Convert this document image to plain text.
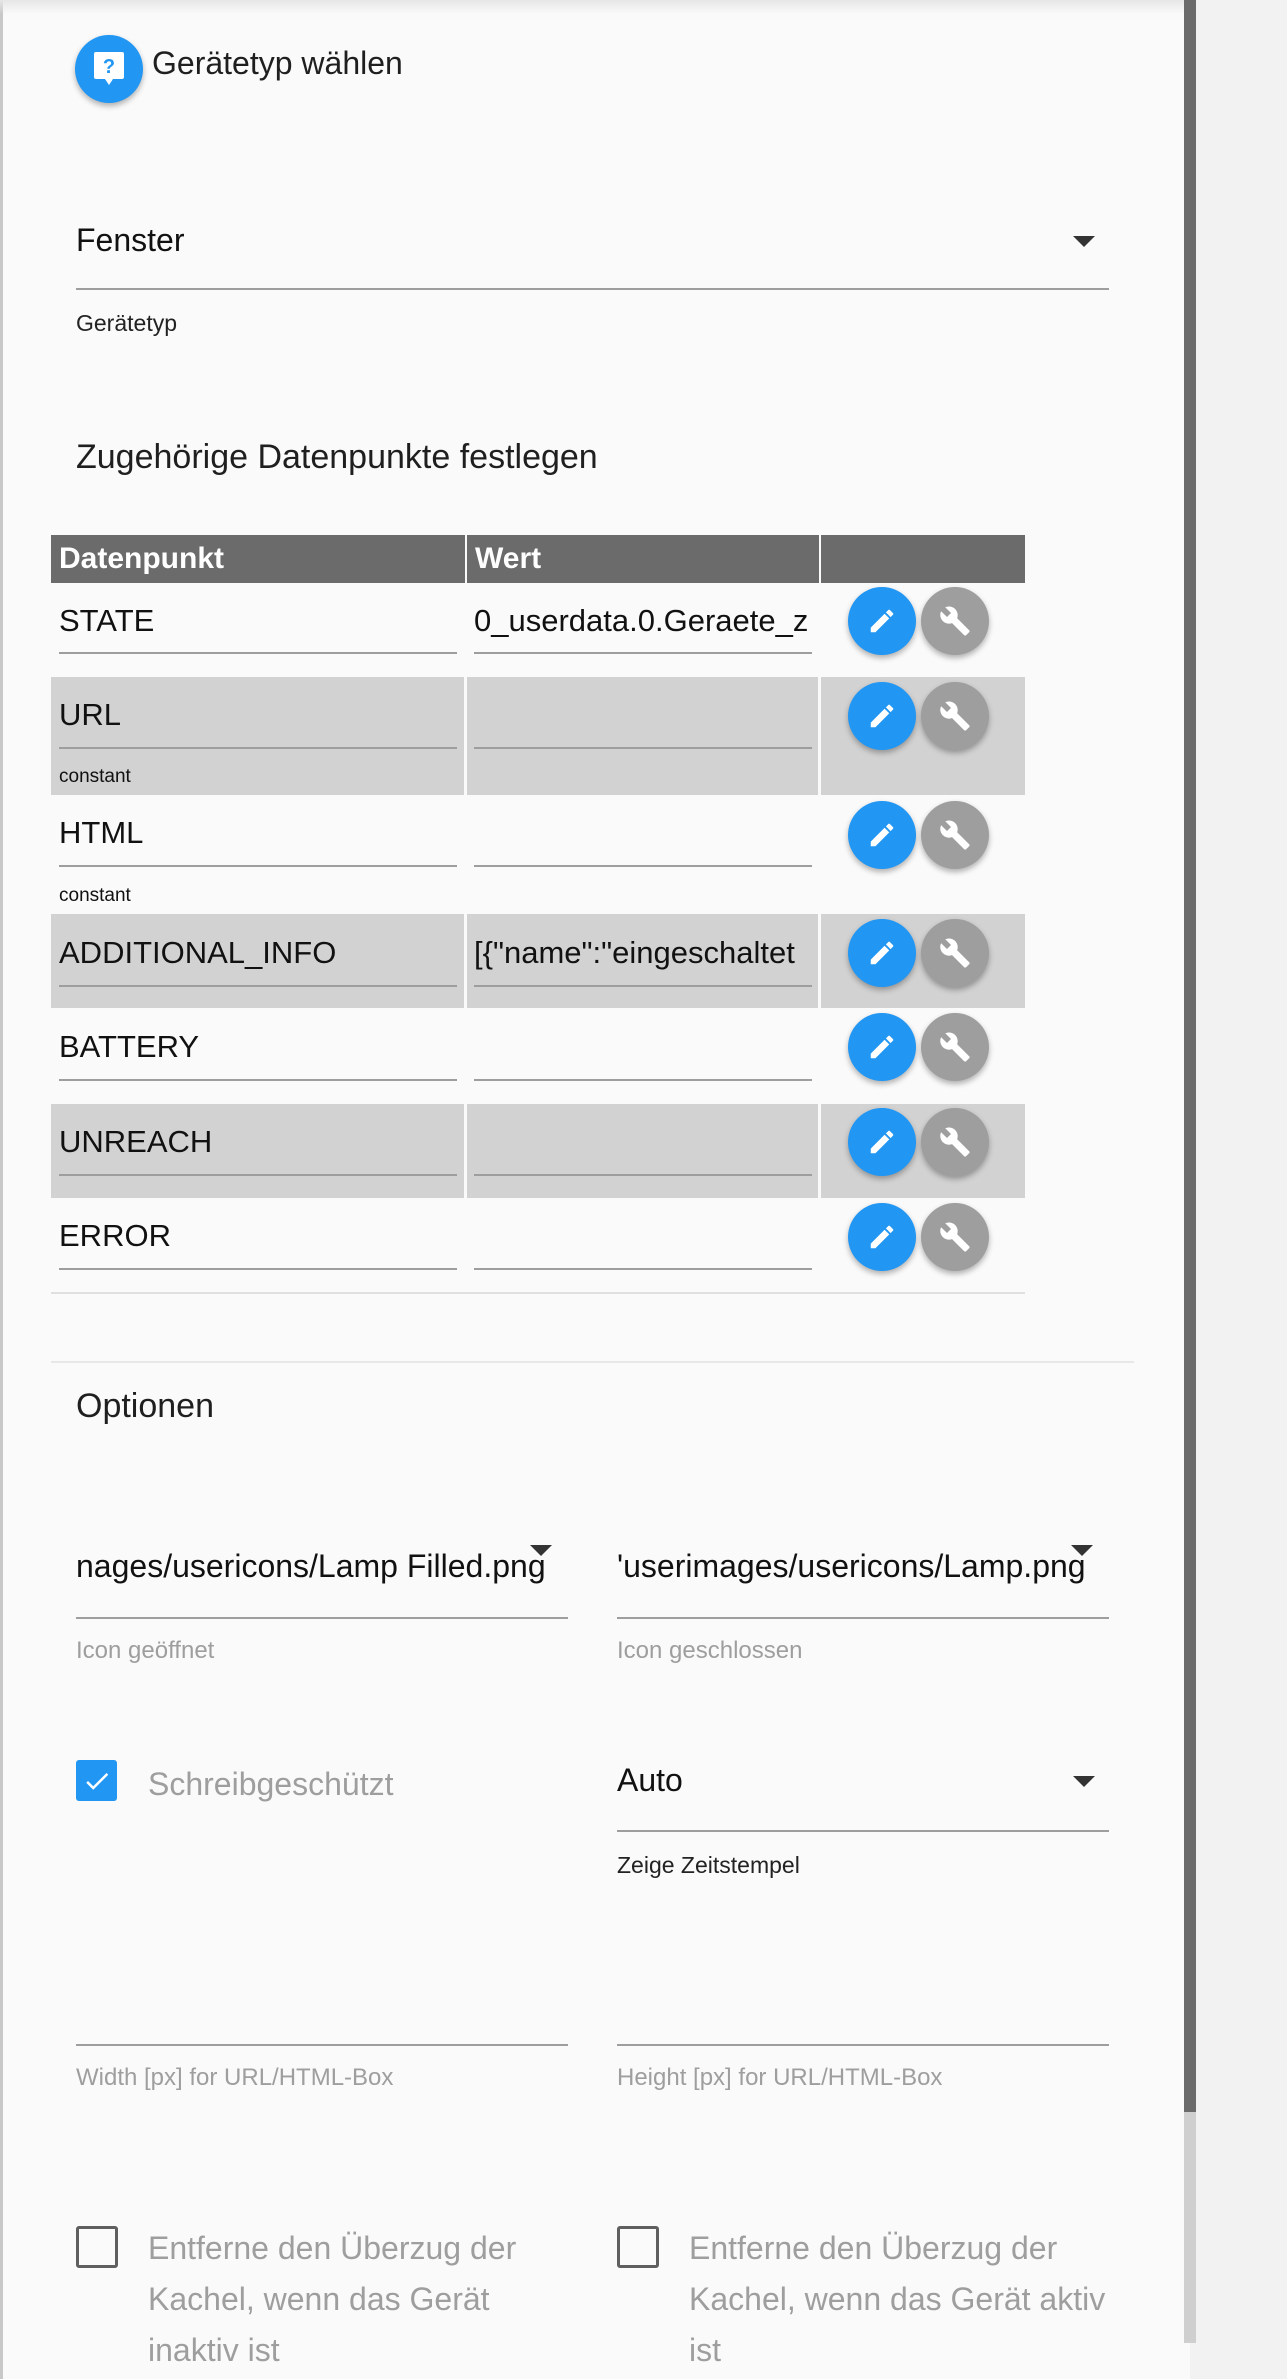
? Gerätetyp wählen
Fenster
Gerätetyp
Zugehörige Datenpunkte festlegen
Datenpunkt	Wert
STATE	0_userdata.0.Geraete_z
URL
constant
HTML
constant
ADDITIONAL_INFO	[{"name":"eingeschaltet
BATTERY
UNREACH
ERROR
Optionen
nages/usericons/Lamp Filled.png
Icon geöffnet
'userimages/usericons/Lamp.png
Icon geschlossen
Schreibgeschützt	Auto
Zeige Zeitstempel
Width [px] for URL/HTML-Box	Height [px] for URL/HTML-Box
Entferne den Überzug der
Kachel, wenn das Gerät
inaktiv ist
Entferne den Überzug der
Kachel, wenn das Gerät aktiv
ist
